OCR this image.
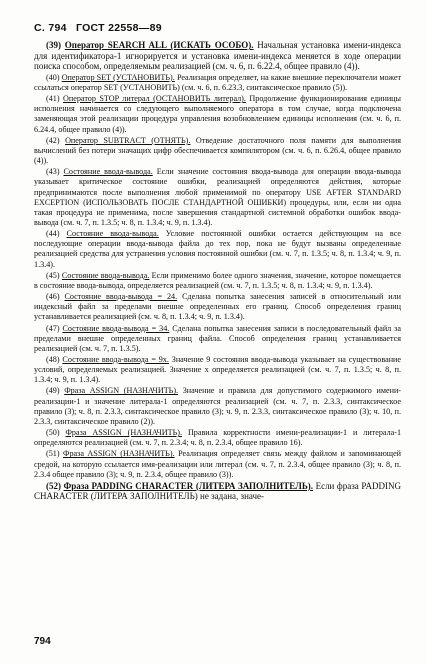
С. 794 ГОСТ 22558—89

(39) Оператор SEARCH ALL (ИСКАТЬ ОСОБО). Начальная установка имени-индекса для идентификатора-1 игнорируется и установка имени-индекса меняется в ходе операции поиска способом, определяемым реализацией (см. ч. 6, п. 6.22.4, общее правило (4)).

(40) Оператор SET (УСТАНОВИТЬ). Реализация определяет, на какие внешние переключатели может ссылаться оператор SET (УСТАНОВИТЬ) (см. ч. 6, п. 6.23.3, синтаксическое правило (5)).

(41) Оператор STOP литерал (ОСТАНОВИТЬ литерал). Продолжение функционирования единицы исполнения начинается со следующего выполняемого оператора в том случае, когда подключена заменяющая этой реализации процедура управления возобновлением единицы исполнения (см. ч. 6, п. 6.24.4, общее правило (4)).

(42) Оператор SUBTRACT (ОТНЯТЬ). Отведение достаточного поля памяти для выполнения вычислений без потери значащих цифр обеспечивается компилятором (см. ч. 6, п. 6.26.4, общее правило (4)).

(43) Состояние ввода-вывода. Если значение состояния ввода-вывода для операции ввода-вывода указывает критическое состояние ошибки, реализацией определяются действия, которые предпринимаются после выполнения любой применимой по оператору USE AFTER STANDARD EXCEPTION (ИСПОЛЬЗОВАТЬ ПОСЛЕ СТАНДАРТНОЙ ОШИБКИ) процедуры, или, если ни одна такая процедура не применима, после завершения стандартной системной обработки ошибок ввода-вывода (см. ч. 7, п. 1.3.5; ч. 8, п. 1.3.4; ч. 9, п. 1.3.4).

(44) Состояние ввода-вывода. Условие постоянной ошибки остается действующим на все последующие операции ввода-вывода файла до тех пор, пока не будут вызваны определенные реализацией средства для устранения условия постоянной ошибки (см. ч. 7, п. 1.3.5; ч. 8, п. 1.3.4; ч. 9, п. 1.3.4).

(45) Состояние ввода-вывода. Если применимо более одного значения, значение, которое помещается в состояние ввода-вывода, определяется реализацией (см. ч. 7, п. 1.3.5; ч. 8, п. 1.3.4; ч. 9, п. 1.3.4).

(46) Состояние ввода-вывода = 24. Сделана попытка занесения записей в относительный или индексный файл за пределами внешне определенных его границ. Способ определения границ устанавливается реализацией (см. ч. 8, п. 1.3.4; ч. 9, п. 1.3.4).

(47) Состояние ввода-вывода = 34. Сделана попытка занесения записи в последовательный файл за пределами внешне определенных границ файла. Способ определения границ устанавливается реализацией (см. ч. 7, п. 1.3.5).

(48) Состояние ввода-вывода = 9х. Значение 9 состояния ввода-вывода указывает на существование условий, определяемых реализацией. Значение х определяется реализацией (см. ч. 7, п. 1.3.5; ч. 8, п. 1.3.4; ч. 9, п. 1.3.4).

(49) Фраза ASSIGN (НАЗНАЧИТЬ). Значение и правила для допустимого содержимого имени-реализации-1 и значение литерала-1 определяются реализацией (см. ч. 7, п. 2.3.3, синтаксическое правило (3); ч. 8, п. 2.3.3, синтаксическое правило (3); ч. 9, п. 2.3.3, синтаксическое правило (3); ч. 10, п. 2.3.3, синтаксическое правило (2)).

(50) Фраза ASSIGN (НАЗНАЧИТЬ). Правила корректности имени-реализации-1 и литерала-1 определяются реализацией (см. ч. 7, п. 2.3.4; ч. 8, п. 2.3.4, общее правило 16).

(51) Фраза ASSIGN (НАЗНАЧИТЬ). Реализация определяет связь между файлом и запоминающей средой, на которую ссылается имя-реализации или литерал (см. ч. 7, п. 2.3.4, общее правило (3); ч. 8, п. 2.3.4 общее правило (3); ч. 9, п. 2.3.4, общее правило (3)).

(52) Фраза PADDING CHARACTER (ЛИТЕРА ЗАПОЛНИТЕЛЬ). Если фраза PADDING CHARACTER (ЛИТЕРА ЗАПОЛНИТЕЛЬ) не задана, значе-

794
